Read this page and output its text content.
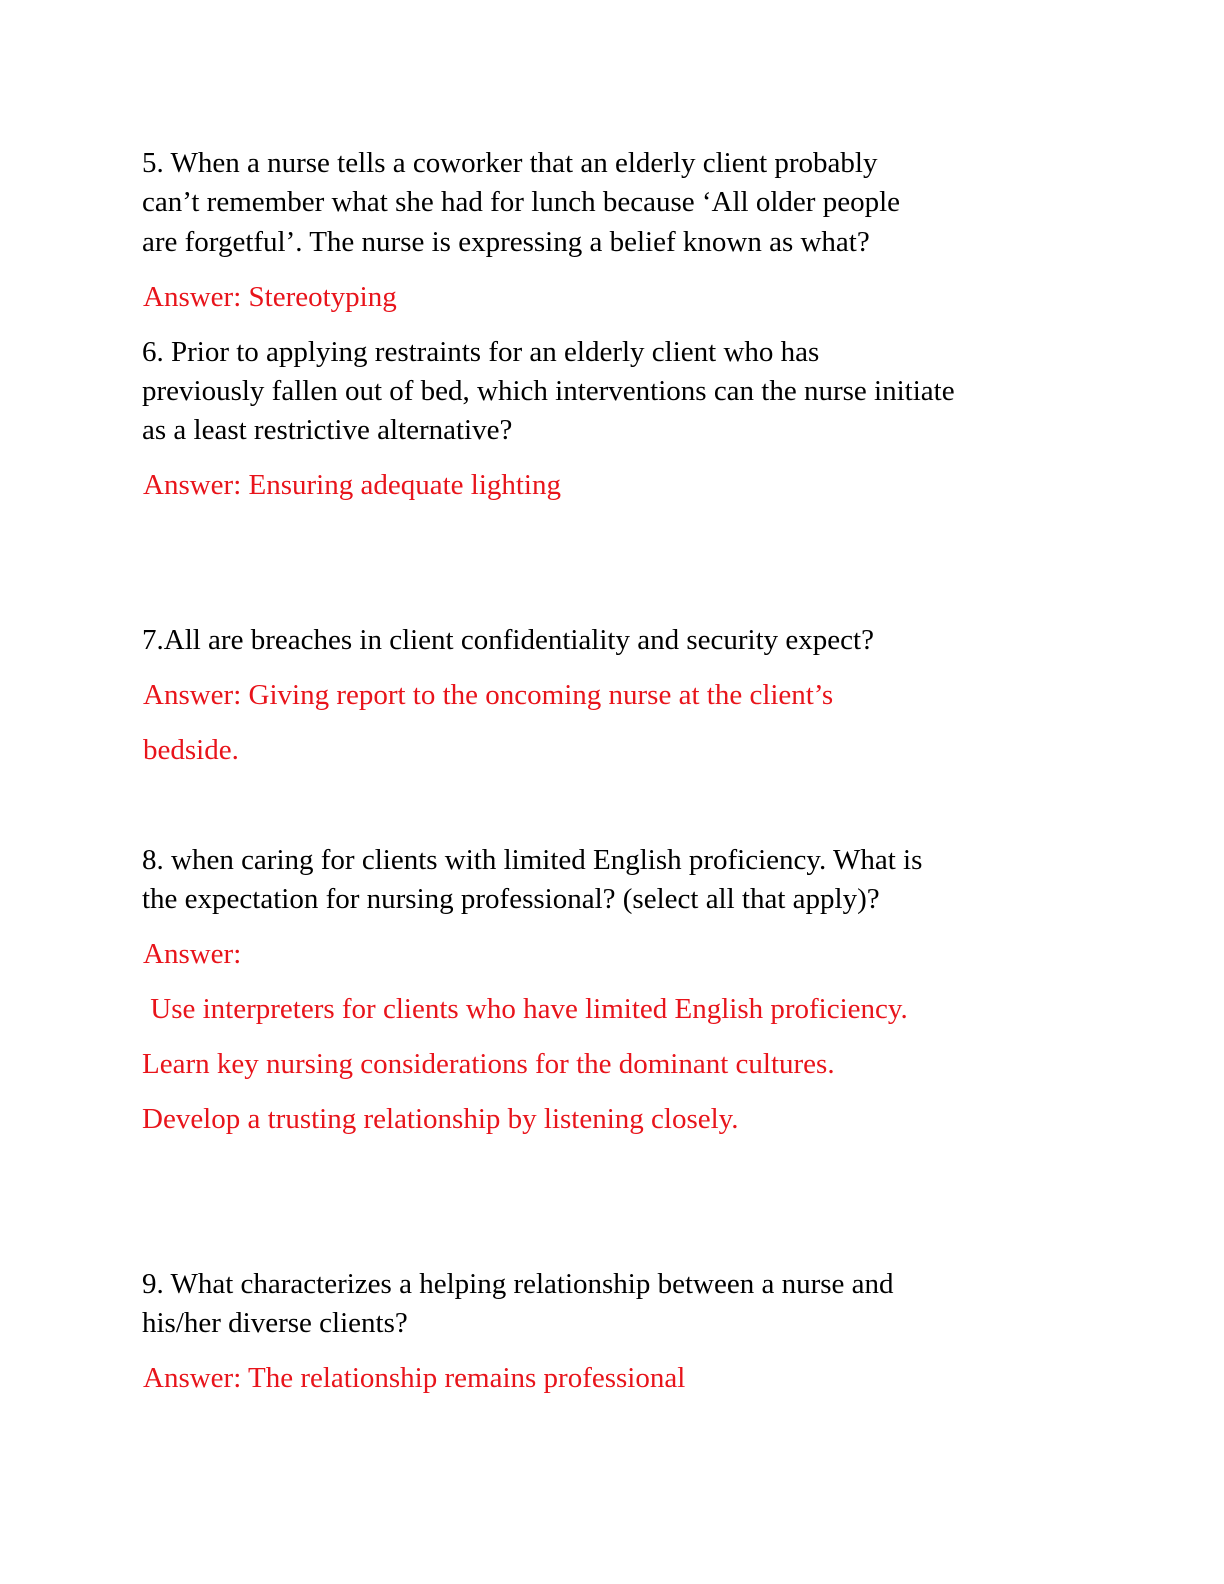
5. When a nurse tells a coworker that an elderly client probably
can’t remember what she had for lunch because ‘All older people
are forgetful’. The nurse is expressing a belief known as what?
Answer: Stereotyping
6. Prior to applying restraints for an elderly client who has
previously fallen out of bed, which interventions can the nurse initiate
as a least restrictive alternative?
Answer: Ensuring adequate lighting
7.All are breaches in client confidentiality and security expect?
Answer: Giving report to the oncoming nurse at the client’s
bedside.
8. when caring for clients with limited English proficiency. What is
the expectation for nursing professional? (select all that apply)?
Answer:
Use interpreters for clients who have limited English proficiency.
Learn key nursing considerations for the dominant cultures.
Develop a trusting relationship by listening closely.
9. What characterizes a helping relationship between a nurse and
his/her diverse clients?
Answer: The relationship remains professional
